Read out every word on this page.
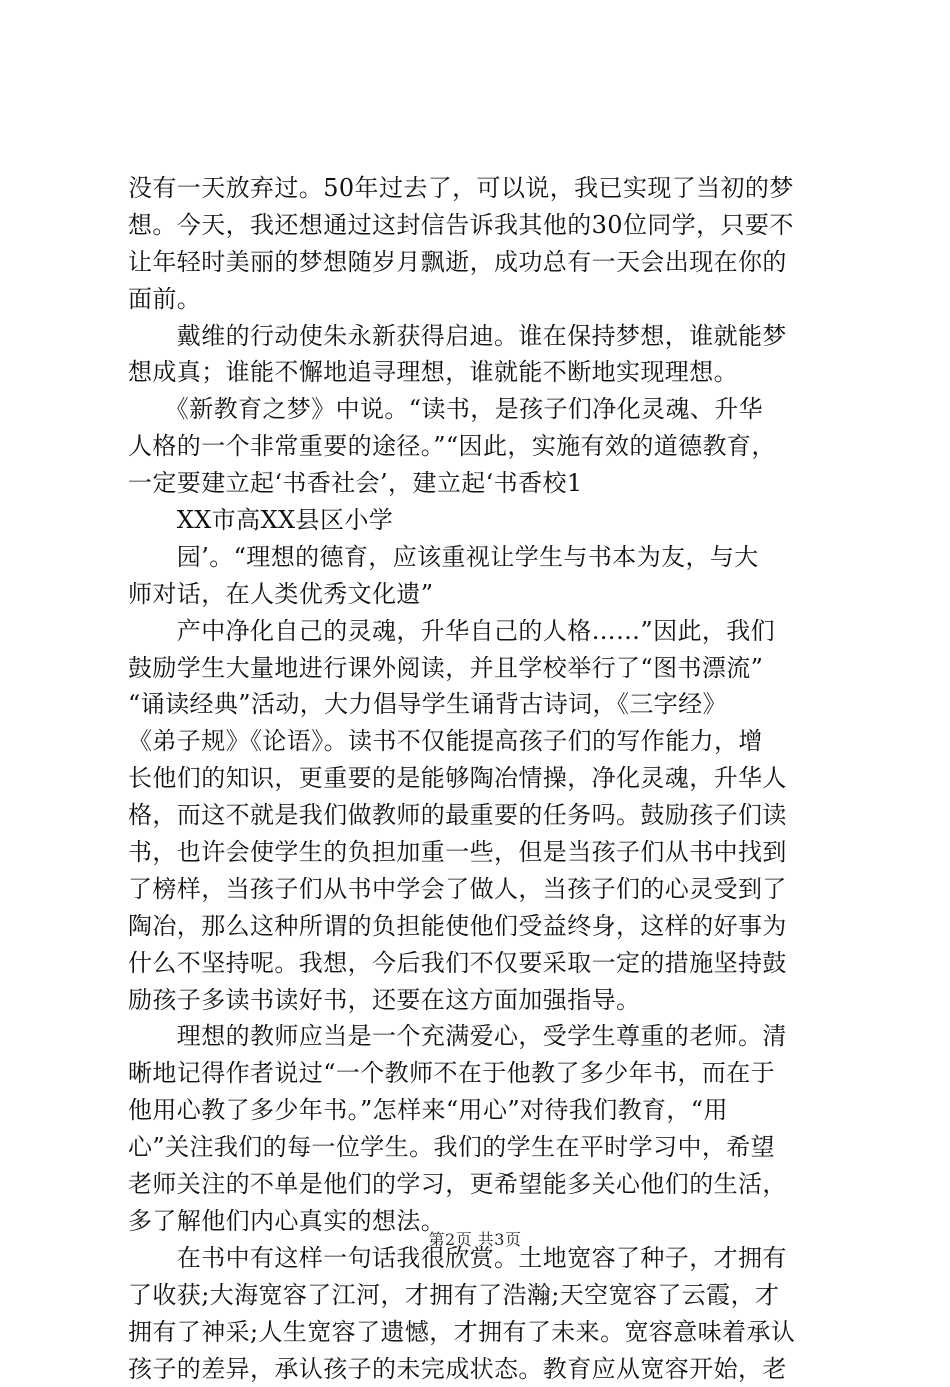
没有一天放弃过。50年过去了，可以说，我已实现了当初的梦
想。今天，我还想通过这封信告诉我其他的30位同学，只要不
让年轻时美丽的梦想随岁月飘逝，成功总有一天会出现在你的
面前。
　　戴维的行动使朱永新获得启迪。谁在保持梦想，谁就能梦
想成真；谁能不懈地追寻理想，谁就能不断地实现理想。
　　《新教育之梦》中说。“读书，是孩子们净化灵魂、升华
人格的一个非常重要的途径。”“因此，实施有效的道德教育，
一定要建立起‘书香社会’，建立起‘书香校1
　　XX市高XX县区小学
　　园’。“理想的德育，应该重视让学生与书本为友，与大
师对话，在人类优秀文化遗”
　　产中净化自己的灵魂，升华自己的人格……”因此，我们
鼓励学生大量地进行课外阅读，并且学校举行了“图书漂流”
“诵读经典”活动，大力倡导学生诵背古诗词，《三字经》
《弟子规》《论语》。读书不仅能提高孩子们的写作能力，增
长他们的知识，更重要的是能够陶冶情操，净化灵魂，升华人
格，而这不就是我们做教师的最重要的任务吗。鼓励孩子们读
书，也许会使学生的负担加重一些，但是当孩子们从书中找到
了榜样，当孩子们从书中学会了做人，当孩子们的心灵受到了
陶冶，那么这种所谓的负担能使他们受益终身，这样的好事为
什么不坚持呢。我想，今后我们不仅要采取一定的措施坚持鼓
励孩子多读书读好书，还要在这方面加强指导。
　　理想的教师应当是一个充满爱心，受学生尊重的老师。清
晰地记得作者说过“一个教师不在于他教了多少年书，而在于
他用心教了多少年书。”怎样来“用心”对待我们教育，“用
心”关注我们的每一位学生。我们的学生在平时学习中，希望
老师关注的不单是他们的学习，更希望能多关心他们的生活，
多了解他们内心真实的想法。
　　在书中有这样一句话我很欣赏。土地宽容了种子，才拥有
了收获;大海宽容了江河，才拥有了浩瀚;天空宽容了云霞，才
拥有了神采;人生宽容了遗憾，才拥有了未来。宽容意味着承认
孩子的差异，承认孩子的未完成状态。教育应从宽容开始，老
第2页 共3页
